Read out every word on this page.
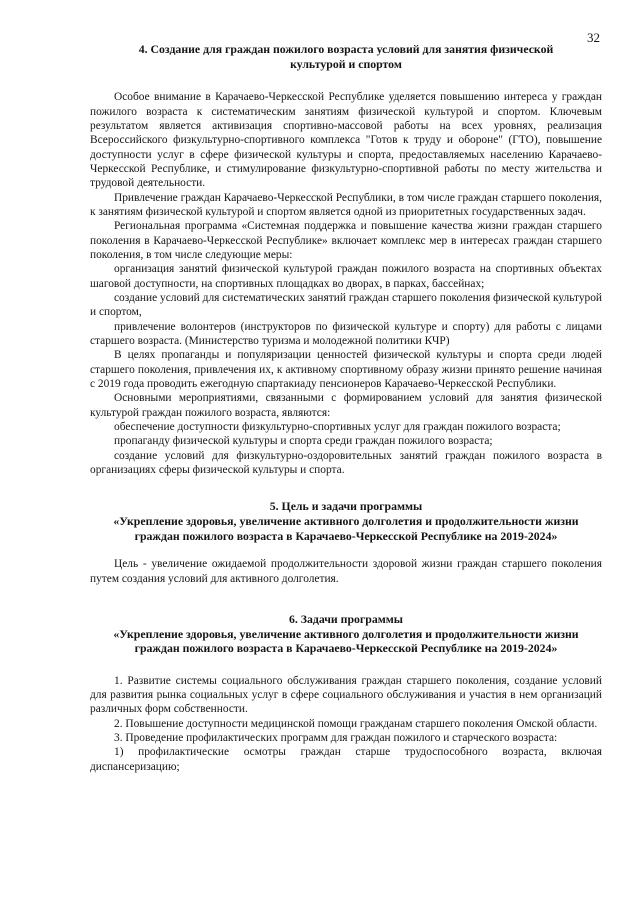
32

4. Создание для граждан пожилого возраста условий для занятия физической

культурой и спортом

Особое внимание в Карачаево-Черкесской Республике уделяется повышению интереса у граждан пожилого возраста к систематическим занятиям физической культурой и спортом. Ключевым результатом является активизация спортивно-массовой работы на всех уровнях, реализация Всероссийского физкультурно-спортивного комплекса "Готов к труду и обороне" (ГТО), повышение доступности услуг в сфере физической культуры и спорта, предоставляемых населению Карачаево-Черкесской Республике, и стимулирование физкультурно-спортивной работы по месту жительства и трудовой деятельности.

Привлечение граждан Карачаево-Черкесской Республики, в том числе граждан старшего поколения, к занятиям физической культурой и спортом является одной из приоритетных государственных задач.

Региональная программа «Системная поддержка и повышение качества жизни граждан старшего поколения в Карачаево-Черкесской Республике» включает комплекс мер в интересах граждан старшего поколения, в том числе следующие меры:

организация занятий физической культурой граждан пожилого возраста на спортивных объектах шаговой доступности, на спортивных площадках во дворах, в парках, бассейнах;

создание условий для систематических занятий граждан старшего поколения физической культурой и спортом,

привлечение волонтеров (инструкторов по физической культуре и спорту) для работы с лицами старшего возраста. (Министерство туризма и молодежной политики КЧР)

В целях пропаганды и популяризации ценностей физической культуры и спорта среди людей старшего поколения, привлечения их, к активному спортивному образу жизни принято решение начиная с 2019 года проводить ежегодную спартакиаду пенсионеров Карачаево-Черкесской Республики.

Основными мероприятиями, связанными с формированием условий для занятия физической культурой граждан пожилого возраста, являются:

обеспечение доступности физкультурно-спортивных услуг для граждан пожилого возраста;

пропаганду физической культуры и спорта среди граждан пожилого возраста;

создание условий для физкультурно-оздоровительных занятий граждан пожилого возраста в организациях сферы физической культуры и спорта.

5. Цель и задачи программы

«Укрепление здоровья, увеличение активного долголетия и продолжительности жизни

граждан пожилого возраста в Карачаево-Черкесской Республике на 2019-2024»

Цель - увеличение ожидаемой продолжительности здоровой жизни граждан старшего поколения путем создания условий для активного долголетия.

6. Задачи программы

«Укрепление здоровья, увеличение активного долголетия и продолжительности жизни

граждан пожилого возраста в Карачаево-Черкесской Республике на 2019-2024»

1. Развитие системы социального обслуживания граждан старшего поколения, создание условий для развития рынка социальных услуг в сфере социального обслуживания и участия в нем организаций различных форм собственности.

2. Повышение доступности медицинской помощи гражданам старшего поколения Омской области.

3. Проведение профилактических программ для граждан пожилого и старческого возраста:

1) профилактические осмотры граждан старше трудоспособного возраста, включая диспансеризацию;
